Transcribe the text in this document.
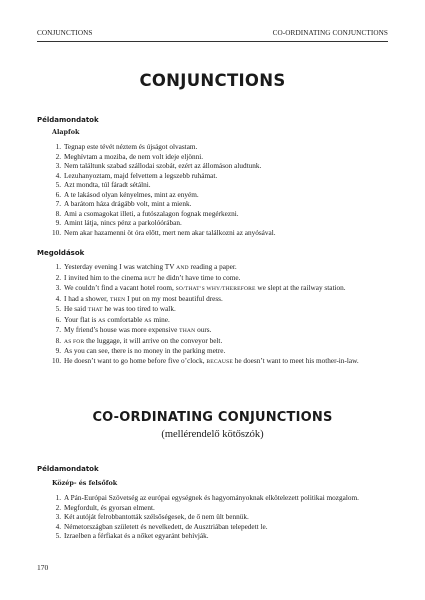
CONJUNCTIONS	CO-ORDINATING CONJUNCTIONS
CONJUNCTIONS
Példamondatok
Alapfok
1. Tegnap este tévét néztem és újságot olvastam.
2. Meghívtam a moziba, de nem volt ideje eljönni.
3. Nem találtunk szabad szállodai szobát, ezért az állomáson aludtunk.
4. Lezuhanyoztam, majd felvettem a legszebb ruhámat.
5. Azt mondta, túl fáradt sétálni.
6. A te lakásod olyan kényelmes, mint az enyém.
7. A barátom háza drágább volt, mint a mienk.
8. Ami a csomagokat illeti, a futószalagon fognak megérkezni.
9. Amint látja, nincs pénz a parkolóórában.
10. Nem akar hazamenni öt óra előtt, mert nem akar találkozni az anyósával.
Megoldások
1. Yesterday evening I was watching TV AND reading a paper.
2. I invited him to the cinema BUT he didn’t have time to come.
3. We couldn’t find a vacant hotel room, SO/THAT’S WHY/THEREFORE we slept at the railway station.
4. I had a shower, THEN I put on my most beautiful dress.
5. He said THAT he was too tired to walk.
6. Your flat is AS comfortable AS mine.
7. My friend’s house was more expensive THAN ours.
8. AS FOR the luggage, it will arrive on the conveyor belt.
9. As you can see, there is no money in the parking metre.
10. He doesn’t want to go home before five o’clock, BECAUSE he doesn’t want to meet his mother-in-law.
CO-ORDINATING CONJUNCTIONS
(mellérendelő kötőszók)
Példamondatok
Közép- és felsőfok
1. A Pán-Európai Szövetség az európai egységnek és hagyományoknak elkötelezett politikai mozgalom.
2. Megfordult, és gyorsan elment.
3. Két autóját felrobbantották szélsőségesek, de ő nem ült bennük.
4. Németországban született és nevelkedett, de Ausztriában telepedett le.
5. Izraelben a férfiakat és a nőket egyaránt behívják.
170
